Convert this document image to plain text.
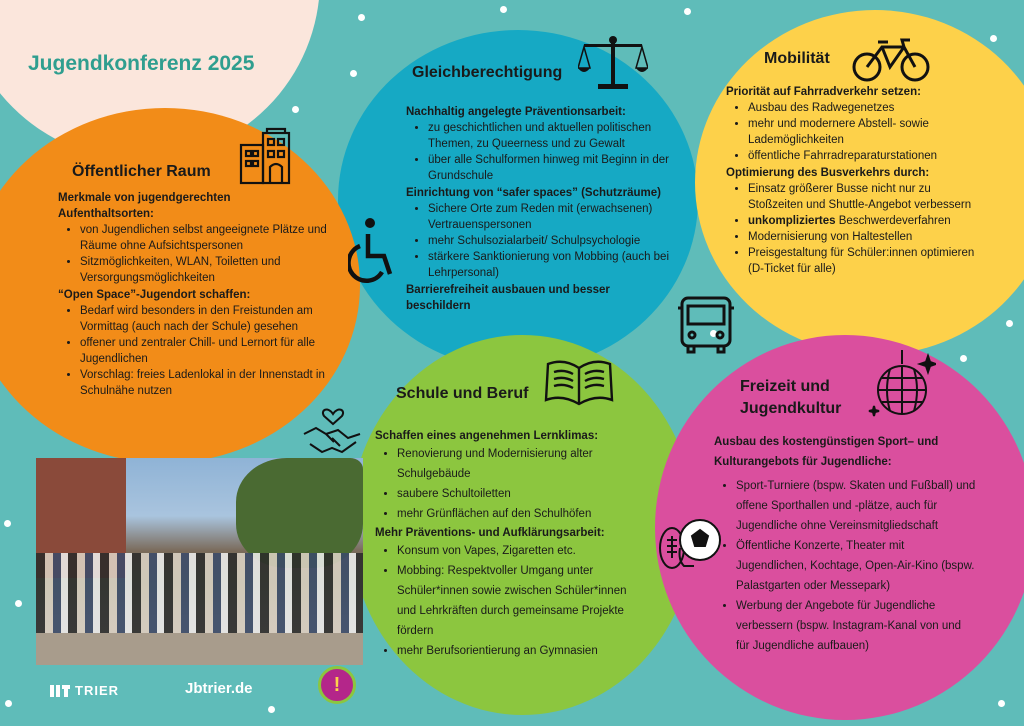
Jugendkonferenz 2025
Öffentlicher Raum
Merkmale von jugendgerechten Aufenthaltsorten:
• von Jugendlichen selbst angeeignete Plätze und Räume ohne Aufsichtspersonen
• Sitzmöglichkeiten, WLAN, Toiletten und Versorgungsmöglichkeiten
“Open Space”-Jugendort schaffen:
• Bedarf wird besonders in den Freistunden am Vormittag (auch nach der Schule) gesehen
• offener und zentraler Chill- und Lernort für alle Jugendlichen
• Vorschlag: freies Ladenlokal in der Innenstadt in Schulnähe nutzen
Gleichberechtigung
Nachhaltig angelegte Präventionsarbeit:
• zu geschichtlichen und aktuellen politischen Themen, zu Queerness und zu Gewalt
• über alle Schulformen hinweg mit Beginn in der Grundschule
Einrichtung von “safer spaces” (Schutzräume)
• Sichere Orte zum Reden mit (erwachsenen) Vertrauenspersonen
• mehr Schulsozialarbeit/ Schulpsychologie
• stärkere Sanktionierung von Mobbing (auch bei Lehrpersonal)
Barrierefreiheit ausbauen und besser beschildern
Mobilität
Priorität auf Fahrradverkehr setzen:
• Ausbau des Radwegenetzes
• mehr und modernere Abstell- sowie Lademöglichkeiten
• öffentliche Fahrradreparaturstationen
Optimierung des Busverkehrs durch:
• Einsatz größerer Busse nicht nur zu Stoßzeiten und Shuttle-Angebot verbessern
• unkompliziertes Beschwerdeverfahren
• Modernisierung von Haltestellen
• Preisgestaltung für Schüler:innen optimieren (D-Ticket für alle)
Schule und Beruf
Schaffen eines angenehmen Lernklimas:
• Renovierung und Modernisierung alter Schulgebäude
• saubere Schultoiletten
• mehr Grünflächen auf den Schulhöfen
Mehr Präventions- und Aufklärungsarbeit:
• Konsum von Vapes, Zigaretten etc.
• Mobbing: Respektvoller Umgang unter Schüler*innen sowie zwischen Schüler*innen und Lehrkräften durch gemeinsame Projekte fördern
• mehr Berufsorientierung an Gymnasien
Freizeit und Jugendkultur
Ausbau des kostengünstigen Sport– und Kulturangebots für Jugendliche:
• Sport-Turniere (bspw. Skaten und Fußball) und offene Sporthallen und -plätze, auch für Jugendliche ohne Vereinsmitgliedschaft
• Öffentliche Konzerte, Theater mit Jugendlichen, Kochtage, Open-Air-Kino (bspw. Palastgarten oder Messepark)
• Werbung der Angebote für Jugendliche verbessern (bspw. Instagram-Kanal von und für Jugendliche aufbauen)
TRIER	Jbtrier.de	!
